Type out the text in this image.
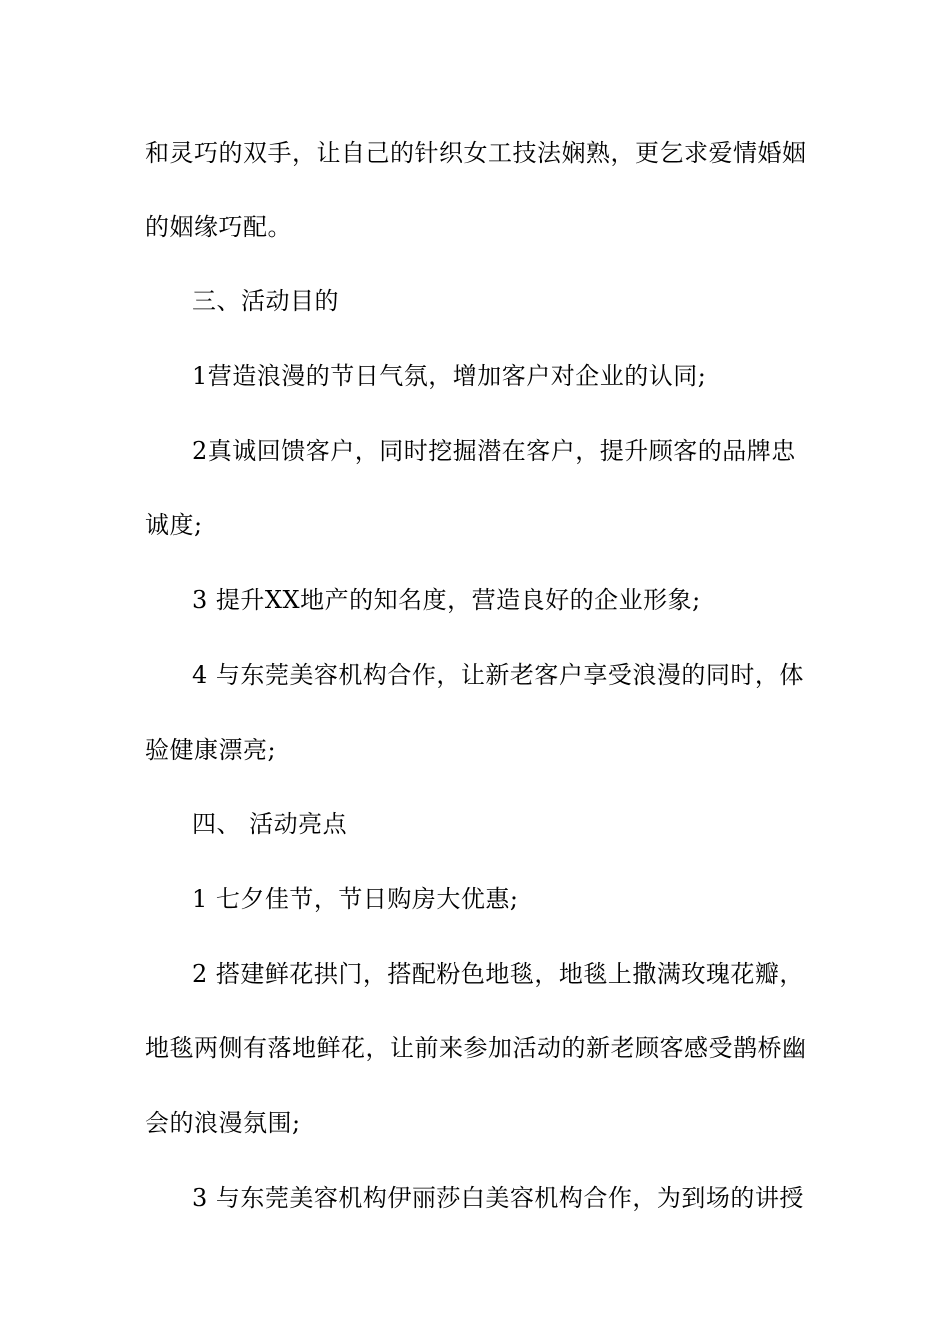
和灵巧的双手，让自己的针织女工技法娴熟，更乞求爱情婚姻
的姻缘巧配。
三、活动目的
1营造浪漫的节日气氛，增加客户对企业的认同;
2真诚回馈客户，同时挖掘潜在客户，提升顾客的品牌忠
诚度;
3 提升XX地产的知名度，营造良好的企业形象;
4 与东莞美容机构合作，让新老客户享受浪漫的同时，体
验健康漂亮;
四、 活动亮点
1 七夕佳节，节日购房大优惠;
2 搭建鲜花拱门，搭配粉色地毯，地毯上撒满玫瑰花瓣，
地毯两侧有落地鲜花，让前来参加活动的新老顾客感受鹊桥幽
会的浪漫氛围;
3 与东莞美容机构伊丽莎白美容机构合作，为到场的讲授
